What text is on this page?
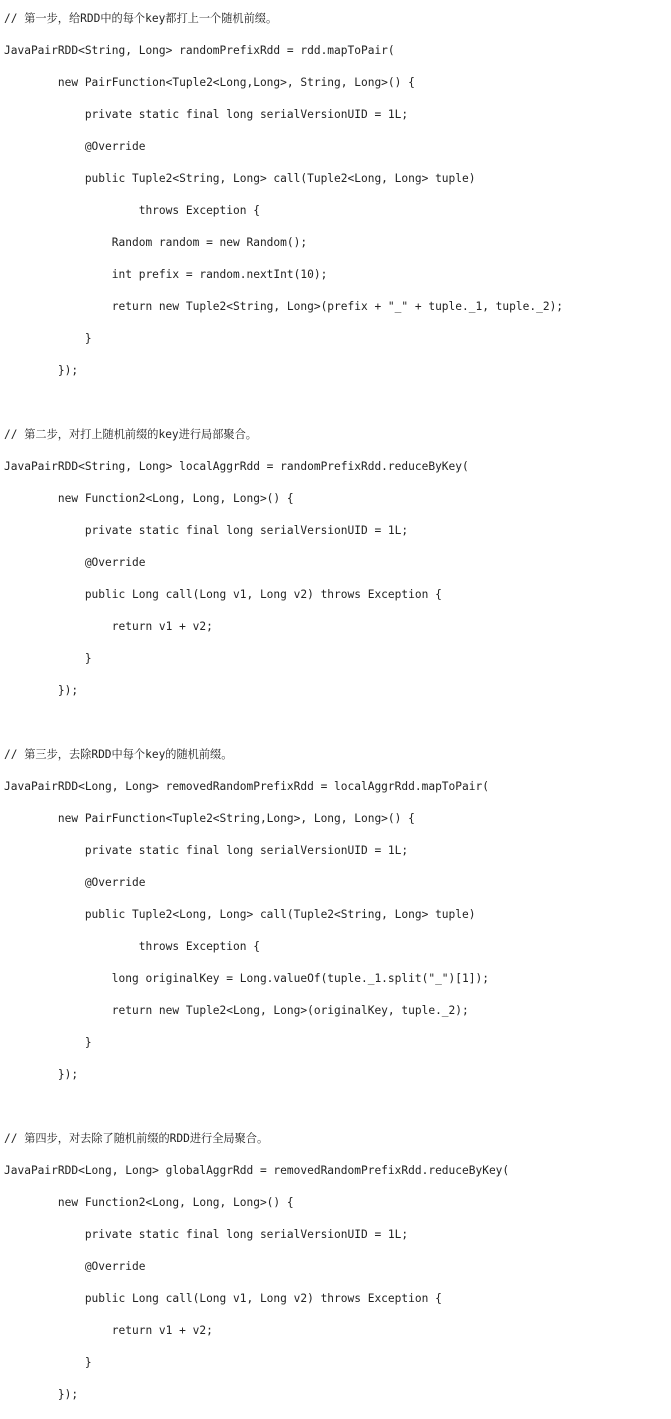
// 第一步，给RDD中的每个key都打上一个随机前缀。

JavaPairRDD<String, Long> randomPrefixRdd = rdd.mapToPair(

new PairFunction<Tuple2<Long,Long>, String, Long>() {

private static final long serialVersionUID = 1L;

@Override

public Tuple2<String, Long> call(Tuple2<Long, Long> tuple)

throws Exception {

Random random = new Random();

int prefix = random.nextInt(10);

return new Tuple2<String, Long>(prefix + "_" + tuple._1, tuple._2);

}

});

// 第二步，对打上随机前缀的key进行局部聚合。

JavaPairRDD<String, Long> localAggrRdd = randomPrefixRdd.reduceByKey(

new Function2<Long, Long, Long>() {

private static final long serialVersionUID = 1L;

@Override

public Long call(Long v1, Long v2) throws Exception {

return v1 + v2;

}

});

// 第三步，去除RDD中每个key的随机前缀。

JavaPairRDD<Long, Long> removedRandomPrefixRdd = localAggrRdd.mapToPair(

new PairFunction<Tuple2<String,Long>, Long, Long>() {

private static final long serialVersionUID = 1L;

@Override

public Tuple2<Long, Long> call(Tuple2<String, Long> tuple)

throws Exception {

long originalKey = Long.valueOf(tuple._1.split("_")[1]);

return new Tuple2<Long, Long>(originalKey, tuple._2);

}

});

// 第四步，对去除了随机前缀的RDD进行全局聚合。

JavaPairRDD<Long, Long> globalAggrRdd = removedRandomPrefixRdd.reduceByKey(

new Function2<Long, Long, Long>() {

private static final long serialVersionUID = 1L;

@Override

public Long call(Long v1, Long v2) throws Exception {

return v1 + v2;

}

});
